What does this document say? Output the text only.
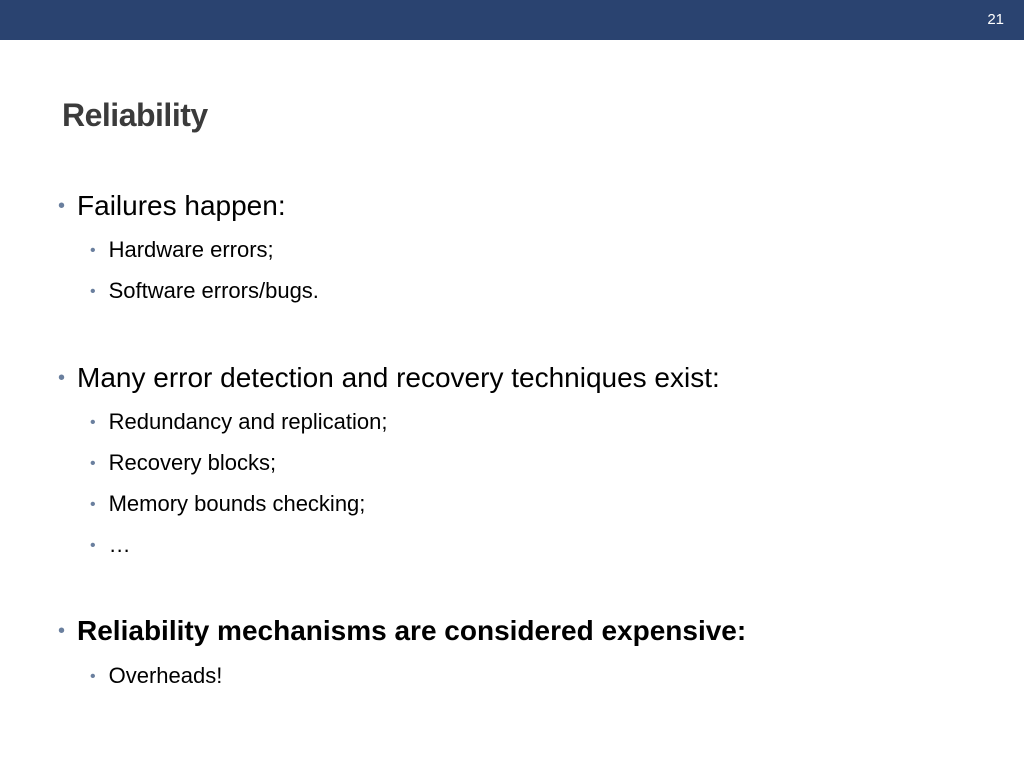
21
Reliability
• Failures happen:
• Hardware errors;
• Software errors/bugs.
• Many error detection and recovery techniques exist:
• Redundancy and replication;
• Recovery blocks;
• Memory bounds checking;
• …
• Reliability mechanisms are considered expensive:
• Overheads!
